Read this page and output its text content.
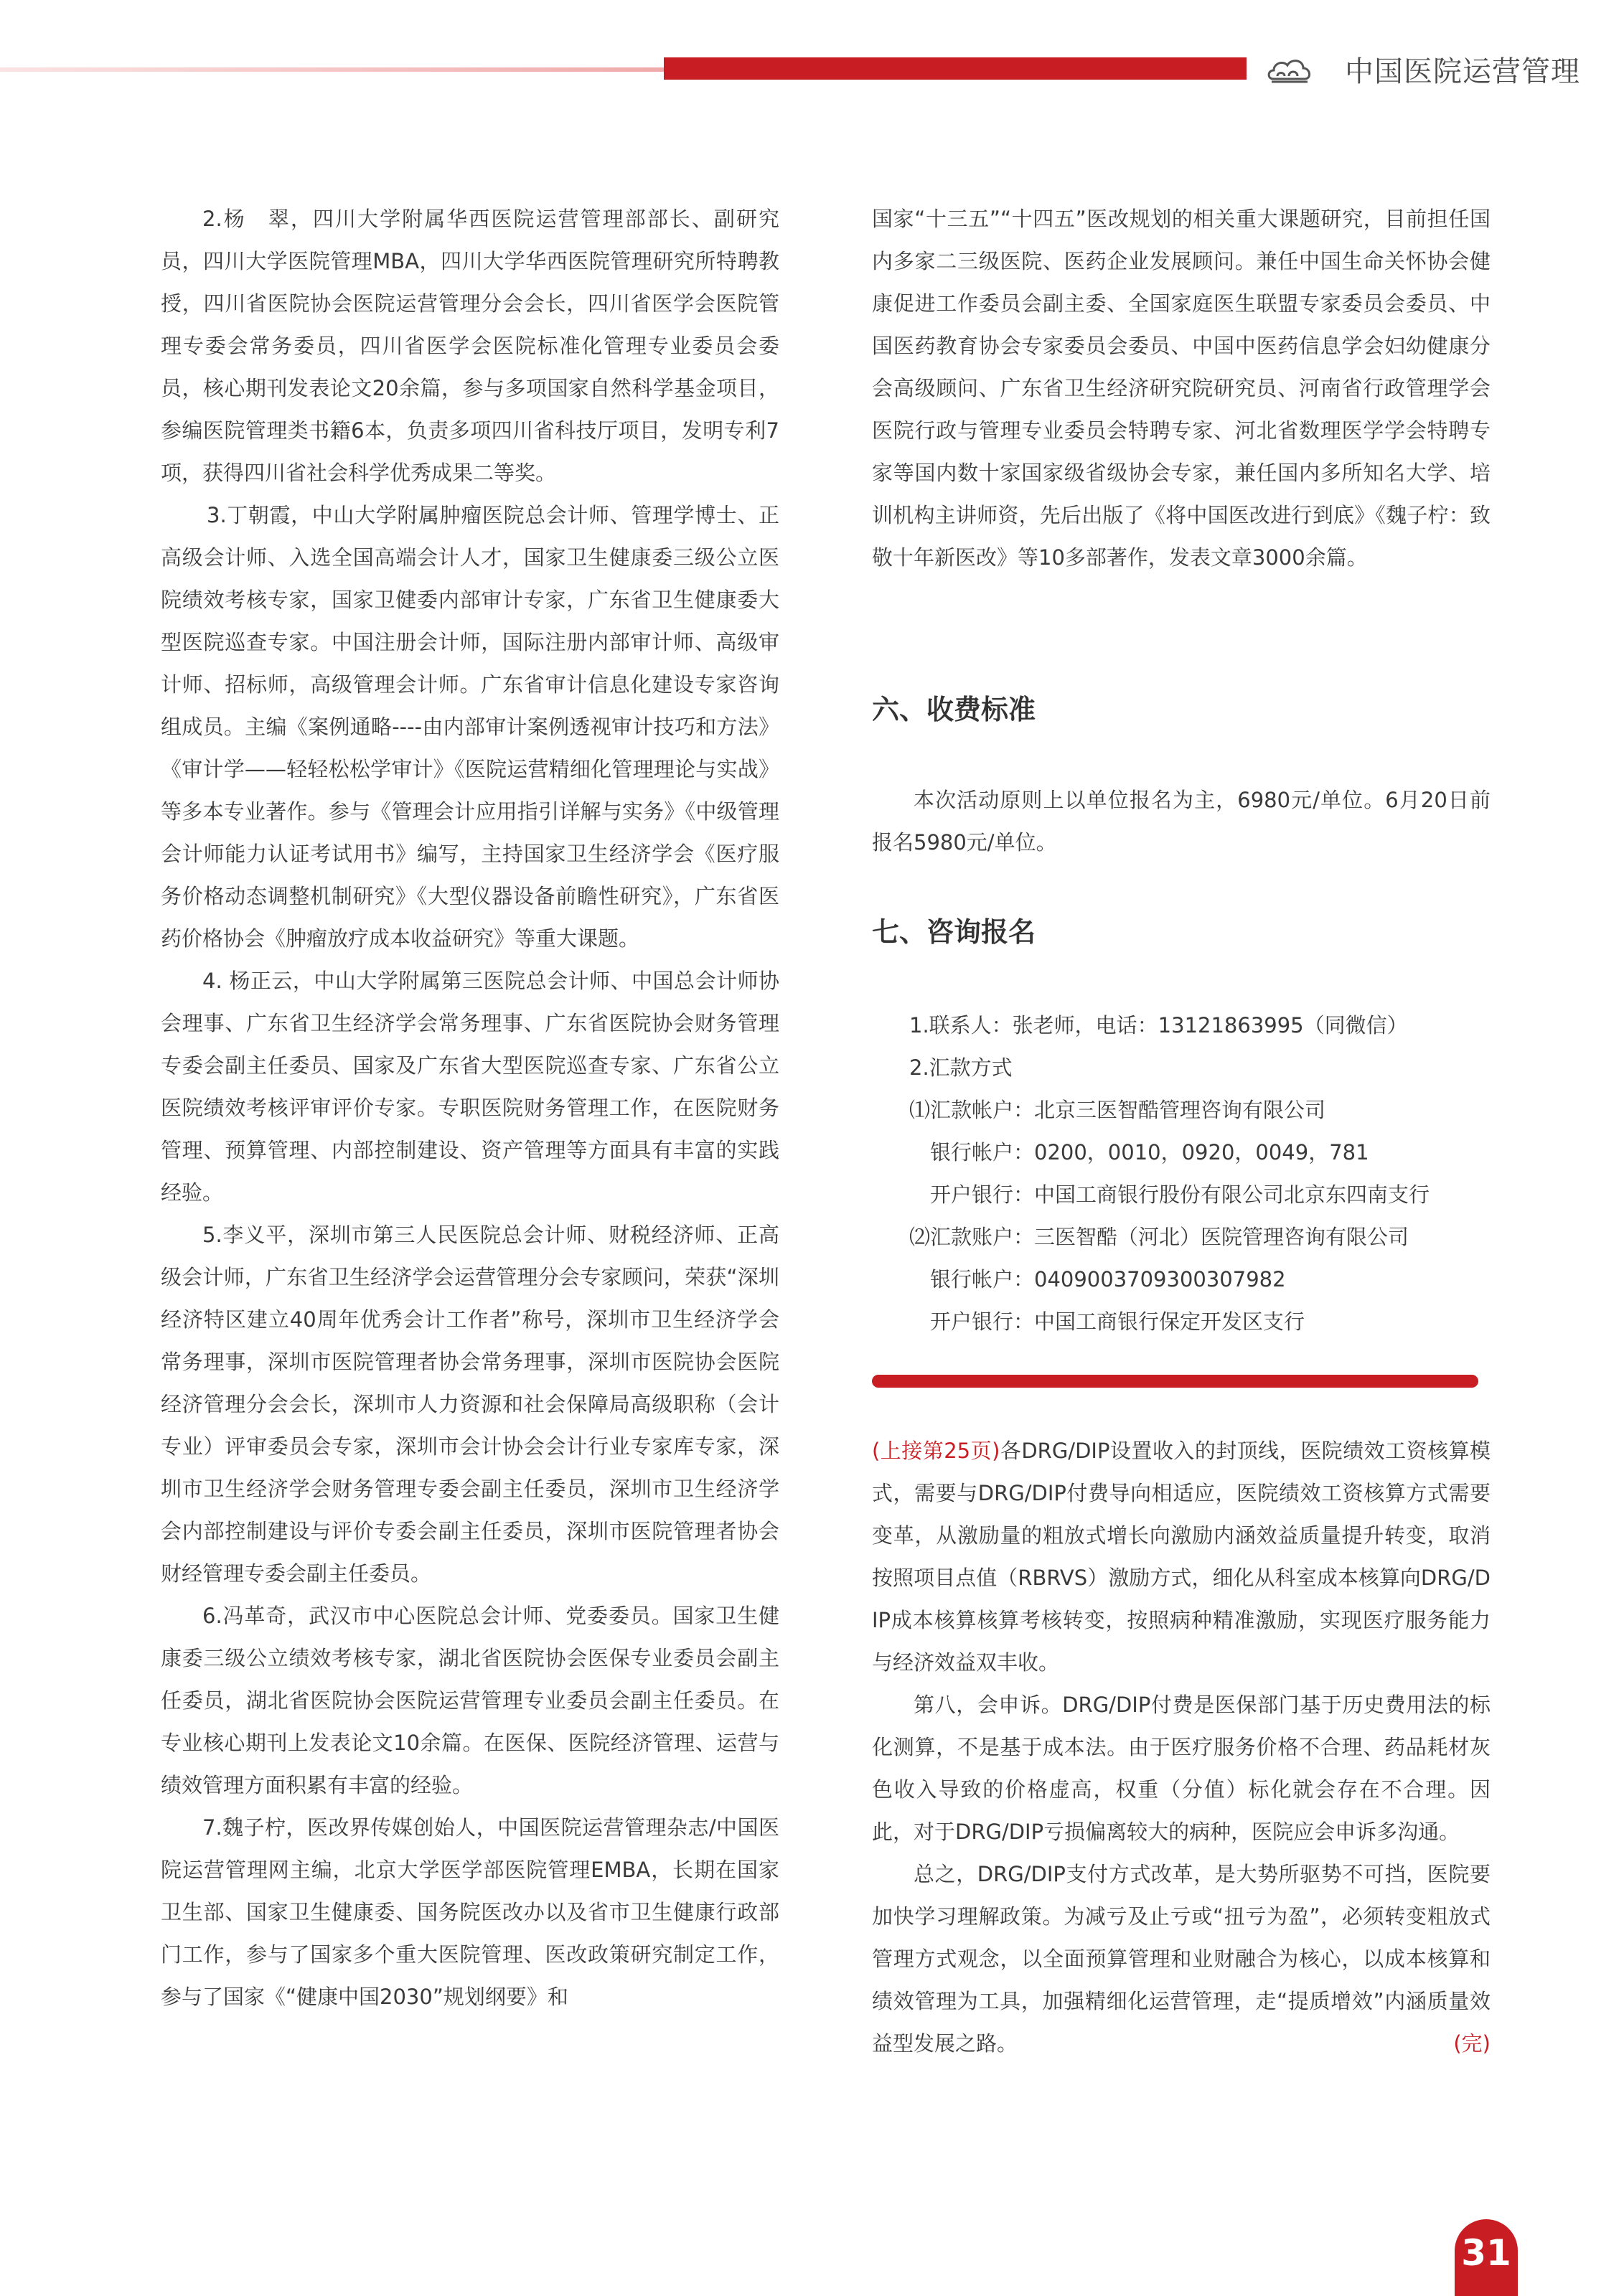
中国医院运营管理

2.杨　翠，四川大学附属华西医院运营管理部部长、副研究员，四川大学医院管理MBA，四川大学华西医院管理研究所特聘教授，四川省医院协会医院运营管理分会会长，四川省医学会医院管理专委会常务委员，四川省医学会医院标准化管理专业委员会委员，核心期刊发表论文20余篇，参与多项国家自然科学基金项目，参编医院管理类书籍6本，负责多项四川省科技厅项目，发明专利7项，获得四川省社会科学优秀成果二等奖。

3.丁朝霞，中山大学附属肿瘤医院总会计师、管理学博士、正高级会计师、入选全国高端会计人才，国家卫生健康委三级公立医院绩效考核专家，国家卫健委内部审计专家，广东省卫生健康委大型医院巡查专家。中国注册会计师，国际注册内部审计师、高级审计师、招标师，高级管理会计师。广东省审计信息化建设专家咨询组成员。主编《案例通略----由内部审计案例透视审计技巧和方法》《审计学——轻轻松松学审计》《医院运营精细化管理理论与实战》等多本专业著作。参与《管理会计应用指引详解与实务》《中级管理会计师能力认证考试用书》编写，主持国家卫生经济学会《医疗服务价格动态调整机制研究》《大型仪器设备前瞻性研究》，广东省医药价格协会《肿瘤放疗成本收益研究》等重大课题。

4. 杨正云，中山大学附属第三医院总会计师、中国总会计师协会理事、广东省卫生经济学会常务理事、广东省医院协会财务管理专委会副主任委员、国家及广东省大型医院巡查专家、广东省公立医院绩效考核评审评价专家。专职医院财务管理工作，在医院财务管理、预算管理、内部控制建设、资产管理等方面具有丰富的实践经验。

5.李义平，深圳市第三人民医院总会计师、财税经济师、正高级会计师，广东省卫生经济学会运营管理分会专家顾问，荣获“深圳经济特区建立40周年优秀会计工作者”称号，深圳市卫生经济学会常务理事，深圳市医院管理者协会常务理事，深圳市医院协会医院经济管理分会会长，深圳市人力资源和社会保障局高级职称（会计专业）评审委员会专家，深圳市会计协会会计行业专家库专家，深圳市卫生经济学会财务管理专委会副主任委员，深圳市卫生经济学会内部控制建设与评价专委会副主任委员，深圳市医院管理者协会财经管理专委会副主任委员。

6.冯革奇，武汉市中心医院总会计师、党委委员。国家卫生健康委三级公立绩效考核专家，湖北省医院协会医保专业委员会副主任委员，湖北省医院协会医院运营管理专业委员会副主任委员。在专业核心期刊上发表论文10余篇。在医保、医院经济管理、运营与绩效管理方面积累有丰富的经验。

7.魏子柠，医改界传媒创始人，中国医院运营管理杂志/中国医院运营管理网主编，北京大学医学部医院管理EMBA，长期在国家卫生部、国家卫生健康委、国务院医改办以及省市卫生健康行政部门工作，参与了国家多个重大医院管理、医改政策研究制定工作，参与了国家《“健康中国2030”规划纲要》和

国家“十三五”“十四五”医改规划的相关重大课题研究，目前担任国内多家二三级医院、医药企业发展顾问。兼任中国生命关怀协会健康促进工作委员会副主委、全国家庭医生联盟专家委员会委员、中国医药教育协会专家委员会委员、中国中医药信息学会妇幼健康分会高级顾问、广东省卫生经济研究院研究员、河南省行政管理学会医院行政与管理专业委员会特聘专家、河北省数理医学学会特聘专家等国内数十家国家级省级协会专家，兼任国内多所知名大学、培训机构主讲师资，先后出版了《将中国医改进行到底》《魏子柠：致敬十年新医改》等10多部著作，发表文章3000余篇。

六、收费标准

本次活动原则上以单位报名为主，6980元/单位。6月20日前报名5980元/单位。

七、咨询报名

1.联系人：张老师，电话：13121863995（同微信）

2.汇款方式

⑴汇款帐户：北京三医智酷管理咨询有限公司

　银行帐户：0200，0010，0920，0049，781

　开户银行：中国工商银行股份有限公司北京东四南支行

⑵汇款账户：三医智酷（河北）医院管理咨询有限公司

　银行帐户：0409003709300307982

　开户银行：中国工商银行保定开发区支行

(上接第25页)各DRG/DIP设置收入的封顶线，医院绩效工资核算模式，需要与DRG/DIP付费导向相适应，医院绩效工资核算方式需要变革，从激励量的粗放式增长向激励内涵效益质量提升转变，取消按照项目点值（RBRVS）激励方式，细化从科室成本核算向DRG/DIP成本核算核算考核转变，按照病种精准激励，实现医疗服务能力与经济效益双丰收。

第八，会申诉。DRG/DIP付费是医保部门基于历史费用法的标化测算，不是基于成本法。由于医疗服务价格不合理、药品耗材灰色收入导致的价格虚高，权重（分值）标化就会存在不合理。因此，对于DRG/DIP亏损偏离较大的病种，医院应会申诉多沟通。

总之，DRG/DIP支付方式改革，是大势所驱势不可挡，医院要加快学习理解政策。为减亏及止亏或“扭亏为盈”，必须转变粗放式管理方式观念，以全面预算管理和业财融合为核心，以成本核算和绩效管理为工具，加强精细化运营管理，走“提质增效”内涵质量效益型发展之路。	(完)

31
